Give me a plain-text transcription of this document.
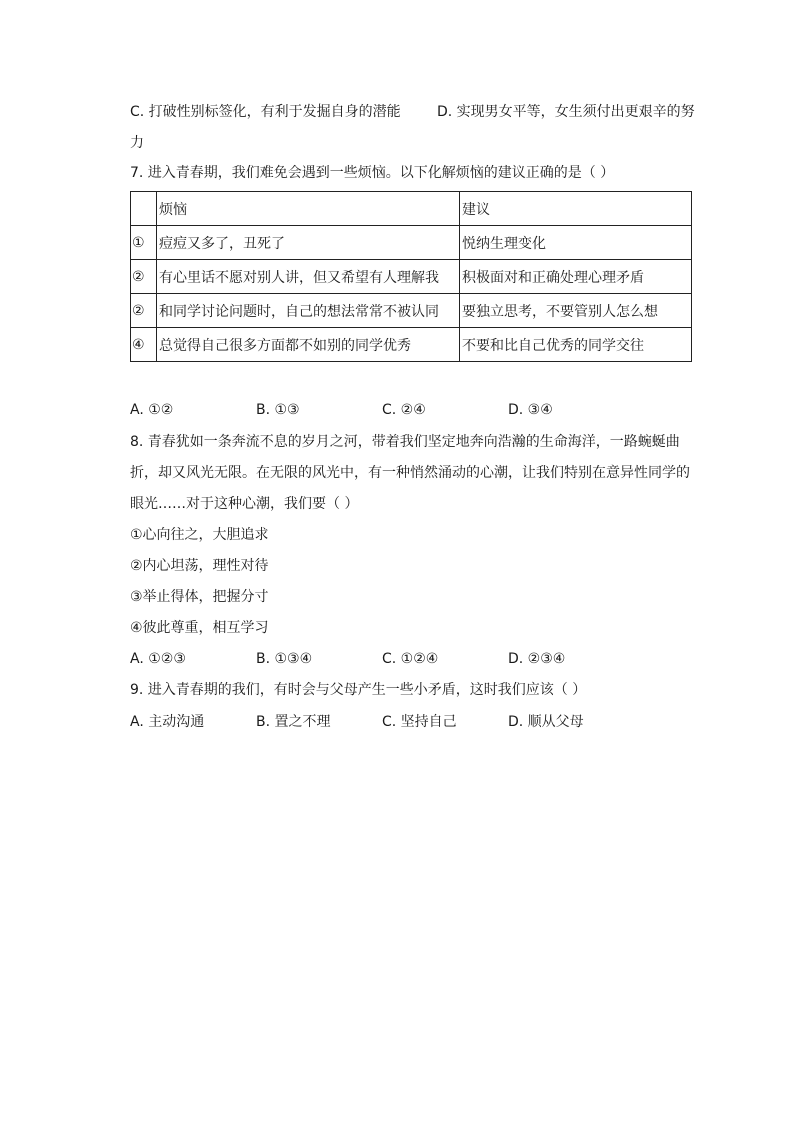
C. 打破性别标签化，有利于发掘自身的潜能	D. 实现男女平等，女生须付出更艰辛的努
力
7. 进入青春期，我们难免会遇到一些烦恼。以下化解烦恼的建议正确的是（ ）
	烦恼	建议
①	痘痘又多了，丑死了	悦纳生理变化
②	有心里话不愿对别人讲，但又希望有人理解我	积极面对和正确处理心理矛盾
②	和同学讨论问题时，自己的想法常常不被认同	要独立思考，不要管别人怎么想
④	总觉得自己很多方面都不如别的同学优秀	不要和比自己优秀的同学交往
A. ①②	B. ①③	C. ②④	D. ③④
8. 青春犹如一条奔流不息的岁月之河，带着我们坚定地奔向浩瀚的生命海洋，一路蜿蜒曲
折，却又风光无限。在无限的风光中，有一种悄然涌动的心潮，让我们特别在意异性同学的
眼光……对于这种心潮，我们要（ ）
①心向往之，大胆追求
②内心坦荡，理性对待
③举止得体，把握分寸
④彼此尊重，相互学习
A. ①②③	B. ①③④	C. ①②④	D. ②③④
9. 进入青春期的我们，有时会与父母产生一些小矛盾，这时我们应该（ ）
A. 主动沟通	B. 置之不理	C. 坚持自己	D. 顺从父母
